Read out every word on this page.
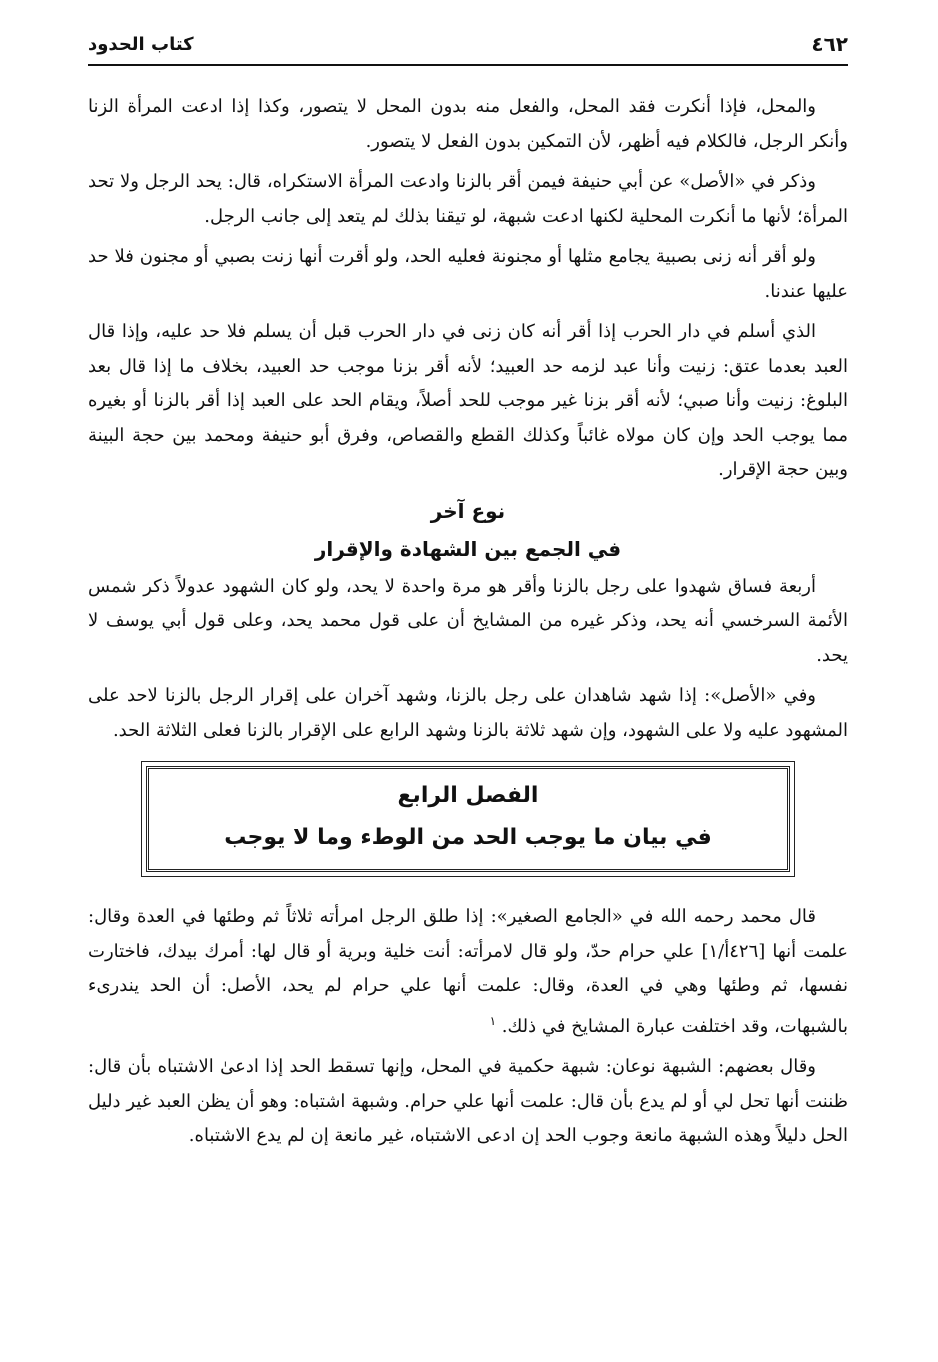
٤٦٢
كتاب الحدود

والمحل، فإذا أنكرت فقد المحل، والفعل منه بدون المحل لا يتصور، وكذا إذا ادعت المرأة الزنا وأنكر الرجل، فالكلام فيه أظهر، لأن التمكين بدون الفعل لا يتصور.

وذكر في «الأصل» عن أبي حنيفة فيمن أقر بالزنا وادعت المرأة الاستكراه، قال: يحد الرجل ولا تحد المرأة؛ لأنها ما أنكرت المحلية لكنها ادعت شبهة، لو تيقنا بذلك لم يتعد إلى جانب الرجل.

ولو أقر أنه زنى بصبية يجامع مثلها أو مجنونة فعليه الحد، ولو أقرت أنها زنت بصبي أو مجنون فلا حد عليها عندنا.

الذي أسلم في دار الحرب إذا أقر أنه كان زنى في دار الحرب قبل أن يسلم فلا حد عليه، وإذا قال العبد بعدما عتق: زنيت وأنا عبد لزمه حد العبيد؛ لأنه أقر بزنا موجب حد العبيد، بخلاف ما إذا قال بعد البلوغ: زنيت وأنا صبي؛ لأنه أقر بزنا غير موجب للحد أصلاً، ويقام الحد على العبد إذا أقر بالزنا أو بغيره مما يوجب الحد وإن كان مولاه غائباً وكذلك القطع والقصاص، وفرق أبو حنيفة ومحمد بين حجة البينة وبين حجة الإقرار.

نوع آخر
في الجمع بين الشهادة والإقرار

أربعة فساق شهدوا على رجل بالزنا وأقر هو مرة واحدة لا يحد، ولو كان الشهود عدولاً ذكر شمس الأئمة السرخسي أنه يحد، وذكر غيره من المشايخ أن على قول محمد يحد، وعلى قول أبي يوسف لا يحد.

وفي «الأصل»: إذا شهد شاهدان على رجل بالزنا، وشهد آخران على إقرار الرجل بالزنا لاحد على المشهود عليه ولا على الشهود، وإن شهد ثلاثة بالزنا وشهد الرابع على الإقرار بالزنا فعلى الثلاثة الحد.

الفصل الرابع
في بيان ما يوجب الحد من الوطء وما لا يوجب

قال محمد رحمه الله في «الجامع الصغير»: إذا طلق الرجل امرأته ثلاثاً ثم وطئها في العدة وقال: علمت أنها [٤٢٦أ/١] علي حرام حدّ، ولو قال لامرأته: أنت خلية وبرية أو قال لها: أمرك بيدك، فاختارت نفسها، ثم وطئها وهي في العدة، وقال: علمت أنها علي حرام لم يحد، الأصل: أن الحد يندرىء بالشبهات، وقد اختلفت عبارة المشايخ في ذلك. $^١$

وقال بعضهم: الشبهة نوعان: شبهة حكمية في المحل، وإنها تسقط الحد إذا ادعىٰ الاشتباه بأن قال: ظننت أنها تحل لي أو لم يدع بأن قال: علمت أنها علي حرام. وشبهة اشتباه: وهو أن يظن العبد غير دليل الحل دليلاً وهذه الشبهة مانعة وجوب الحد إن ادعى الاشتباه، غير مانعة إن لم يدع الاشتباه.
